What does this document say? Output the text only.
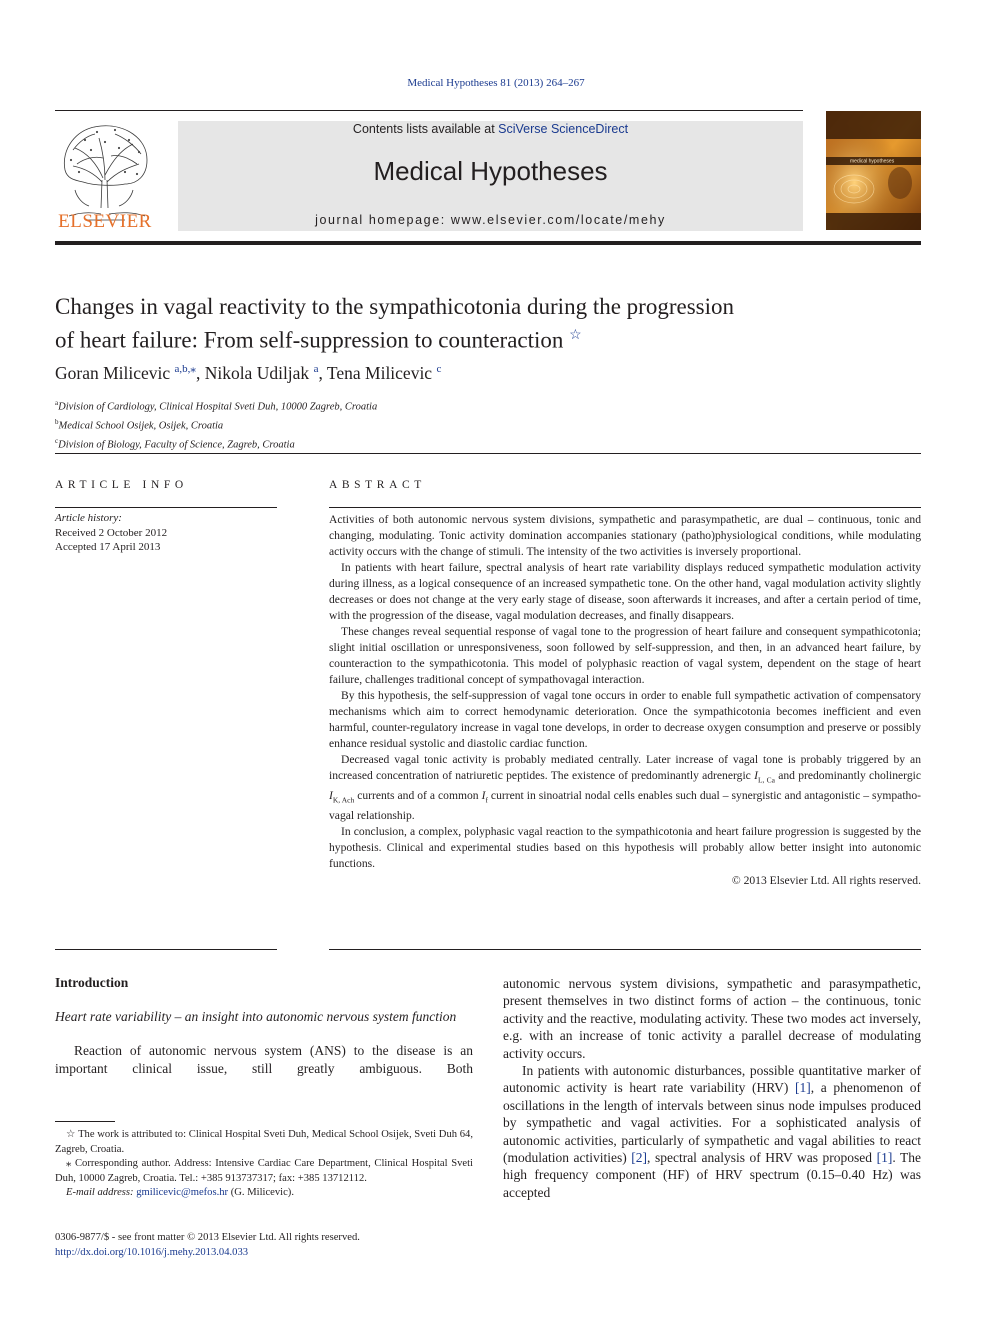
Medical Hypotheses 81 (2013) 264–267
ELSEVIER
Contents lists available at SciVerse ScienceDirect
Medical Hypotheses
journal homepage: www.elsevier.com/locate/mehy
medical hypotheses
Changes in vagal reactivity to the sympathicotonia during the progression
of heart failure: From self-suppression to counteraction ☆
Goran Milicevic $^{a,b,⁎}$, Nikola Udiljak $^a$, Tena Milicevic $^c$
$^a$Division of Cardiology, Clinical Hospital Sveti Duh, 10000 Zagreb, Croatia
$^b$Medical School Osijek, Osijek, Croatia
$^c$Division of Biology, Faculty of Science, Zagreb, Croatia
ARTICLE INFO	ABSTRACT
Article history:
Received 2 October 2012
Accepted 17 April 2013

Activities of both autonomic nervous system divisions, sympathetic and parasympathetic, are dual – continuous, tonic and changing, modulating. Tonic activity domination accompanies stationary (patho)physiological conditions, while modulating activity occurs with the change of stimuli. The intensity of the two activities is inversely proportional.

In patients with heart failure, spectral analysis of heart rate variability displays reduced sympathetic modulation activity during illness, as a logical consequence of an increased sympathetic tone. On the other hand, vagal modulation activity slightly decreases or does not change at the very early stage of disease, soon afterwards it increases, and after a certain period of time, with the progression of the disease, vagal modulation decreases, and finally disappears.

These changes reveal sequential response of vagal tone to the progression of heart failure and consequent sympathicotonia; slight initial oscillation or unresponsiveness, soon followed by self-suppression, and then, in an advanced heart failure, by counteraction to the sympathicotonia. This model of polyphasic reaction of vagal system, dependent on the stage of heart failure, challenges traditional concept of sympathovagal interaction.

By this hypothesis, the self-suppression of vagal tone occurs in order to enable full sympathetic activation of compensatory mechanisms which aim to correct hemodynamic deterioration. Once the sympathicotonia becomes inefficient and even harmful, counter-regulatory increase in vagal tone develops, in order to decrease oxygen consumption and preserve or possibly enhance residual systolic and diastolic cardiac function.

Decreased vagal tonic activity is probably mediated centrally. Later increase of vagal tone is probably triggered by an increased concentration of natriuretic peptides. The existence of predominantly adrenergic $I_{L, Ca}$ and predominantly cholinergic $I_{K, Ach}$ currents and of a common $I_f$ current in sinoatrial nodal cells enables such dual – synergistic and antagonistic – sympatho-vagal relationship.

In conclusion, a complex, polyphasic vagal reaction to the sympathicotonia and heart failure progression is suggested by the hypothesis. Clinical and experimental studies based on this hypothesis will probably allow better insight into autonomic functions.

© 2013 Elsevier Ltd. All rights reserved.

Introduction
Heart rate variability – an insight into autonomic nervous system function

Reaction of autonomic nervous system (ANS) to the disease is an important clinical issue, still greatly ambiguous. Both

autonomic nervous system divisions, sympathetic and parasympathetic, present themselves in two distinct forms of action – the continuous, tonic activity and the reactive, modulating activity. These two modes act inversely, e.g. with an increase of tonic activity a parallel decrease of modulating activity occurs.

In patients with autonomic disturbances, possible quantitative marker of autonomic activity is heart rate variability (HRV) [1], a phenomenon of oscillations in the length of intervals between sinus node impulses produced by sympathetic and vagal activities. For a sophisticated analysis of autonomic activities, particularly of sympathetic and vagal abilities to react (modulation activities) [2], spectral analysis of HRV was proposed [1]. The high frequency component (HF) of HRV spectrum (0.15–0.40 Hz) was accepted

☆ The work is attributed to: Clinical Hospital Sveti Duh, Medical School Osijek, Sveti Duh 64, Zagreb, Croatia.

⁎ Corresponding author. Address: Intensive Cardiac Care Department, Clinical Hospital Sveti Duh, 10000 Zagreb, Croatia. Tel.: +385 913737317; fax: +385 13712112.

E-mail address: gmilicevic@mefos.hr (G. Milicevic).

0306-9877/$ - see front matter © 2013 Elsevier Ltd. All rights reserved.
http://dx.doi.org/10.1016/j.mehy.2013.04.033
